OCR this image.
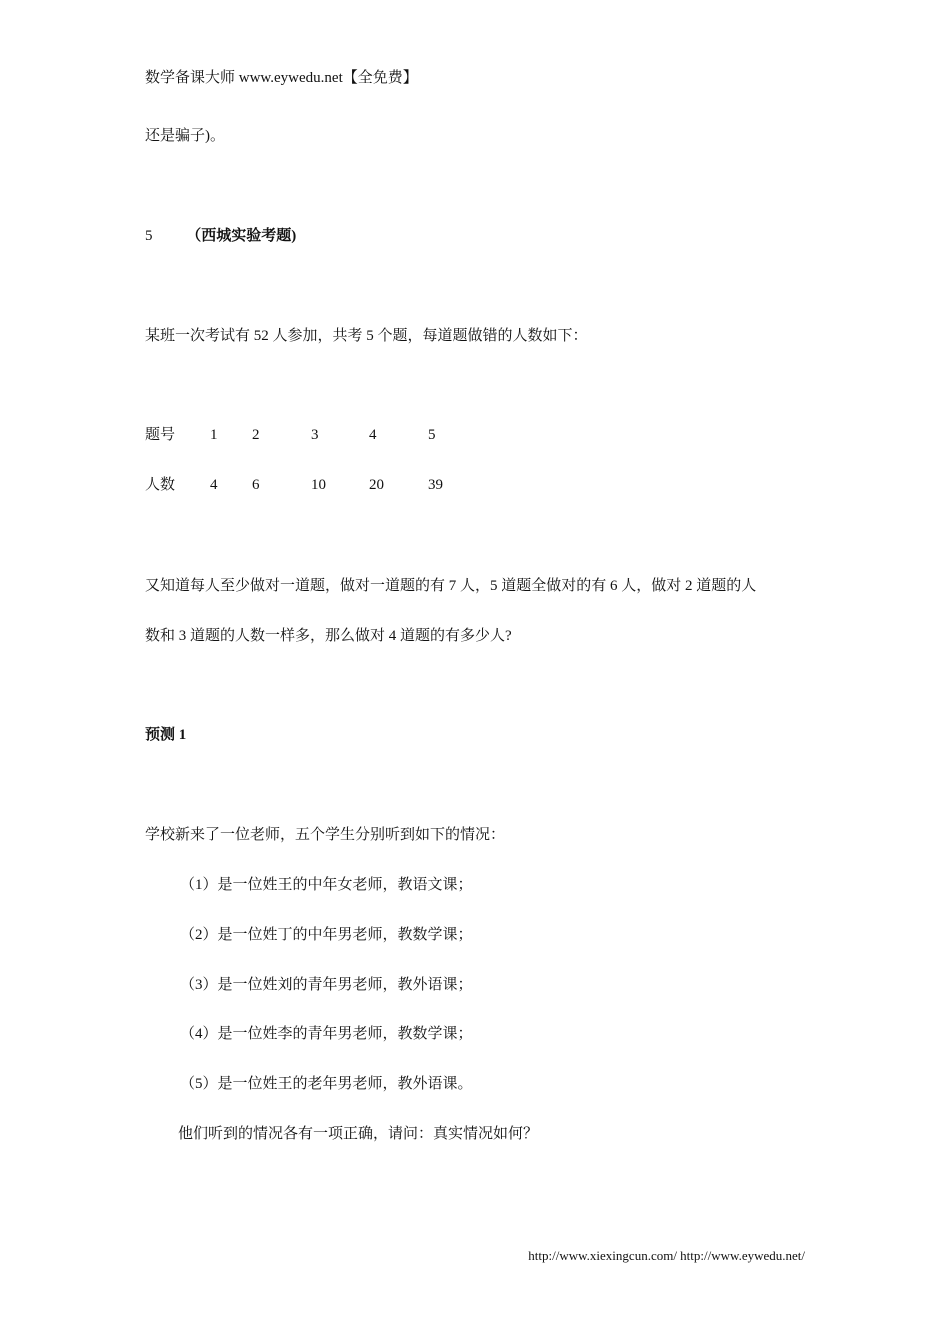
数学备课大师 www.eywedu.net【全免费】
还是骗子)。
5 （西城实验考题)
某班一次考试有 52 人参加，共考 5 个题，每道题做错的人数如下：
题号 1 2	3	4	5
人数 4 6	10	20	39
又知道每人至少做对一道题，做对一道题的有 7 人，5 道题全做对的有 6 人，做对 2 道题的人
数和 3 道题的人数一样多，那么做对 4 道题的有多少人?
预测 1
学校新来了一位老师，五个学生分别听到如下的情况：
（1）是一位姓王的中年女老师，教语文课；
（2）是一位姓丁的中年男老师，教数学课；
（3）是一位姓刘的青年男老师，教外语课；
（4）是一位姓李的青年男老师，教数学课；
（5）是一位姓王的老年男老师，教外语课。
他们听到的情况各有一项正确，请问：真实情况如何？
http://www.xiexingcun.com/ http://www.eywedu.net/
